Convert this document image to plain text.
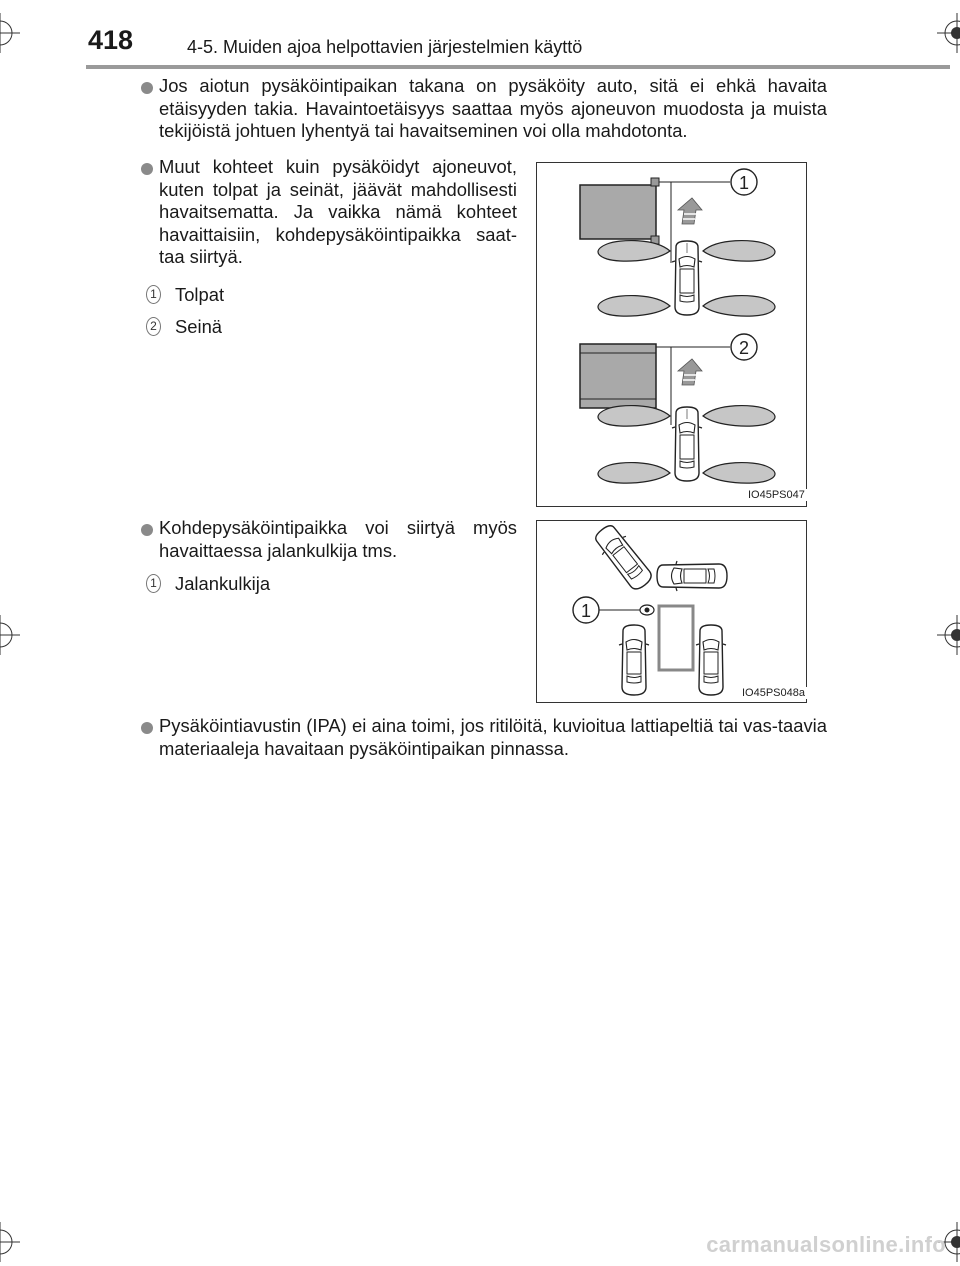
418	4-5. Muiden ajoa helpottavien järjestelmien käyttö
Jos aiotun pysäköintipaikan takana on pysäköity auto, sitä ei ehkä havaita etäisyyden takia. Havaintoetäisyys saattaa myös ajoneuvon muodosta ja muista tekijöistä johtuen lyhentyä tai havaitseminen voi olla mahdotonta.
Muut kohteet kuin pysäköidyt ajoneuvot, kuten tolpat ja seinät, jäävät mahdollisesti havaitsematta. Ja vaikka nämä kohteet havaittaisiin, kohdepysäköintipaikka saat-taa siirtyä.
1 Tolpat
2 Seinä
1
2
IO45PS047
Kohdepysäköintipaikka voi siirtyä myös havaittaessa jalankulkija tms.
1 Jalankulkija
1
IO45PS048a
Pysäköintiavustin (IPA) ei aina toimi, jos ritilöitä, kuvioitua lattiapeltiä tai vas-taavia materiaaleja havaitaan pysäköintipaikan pinnassa.
carmanualsonline.info
